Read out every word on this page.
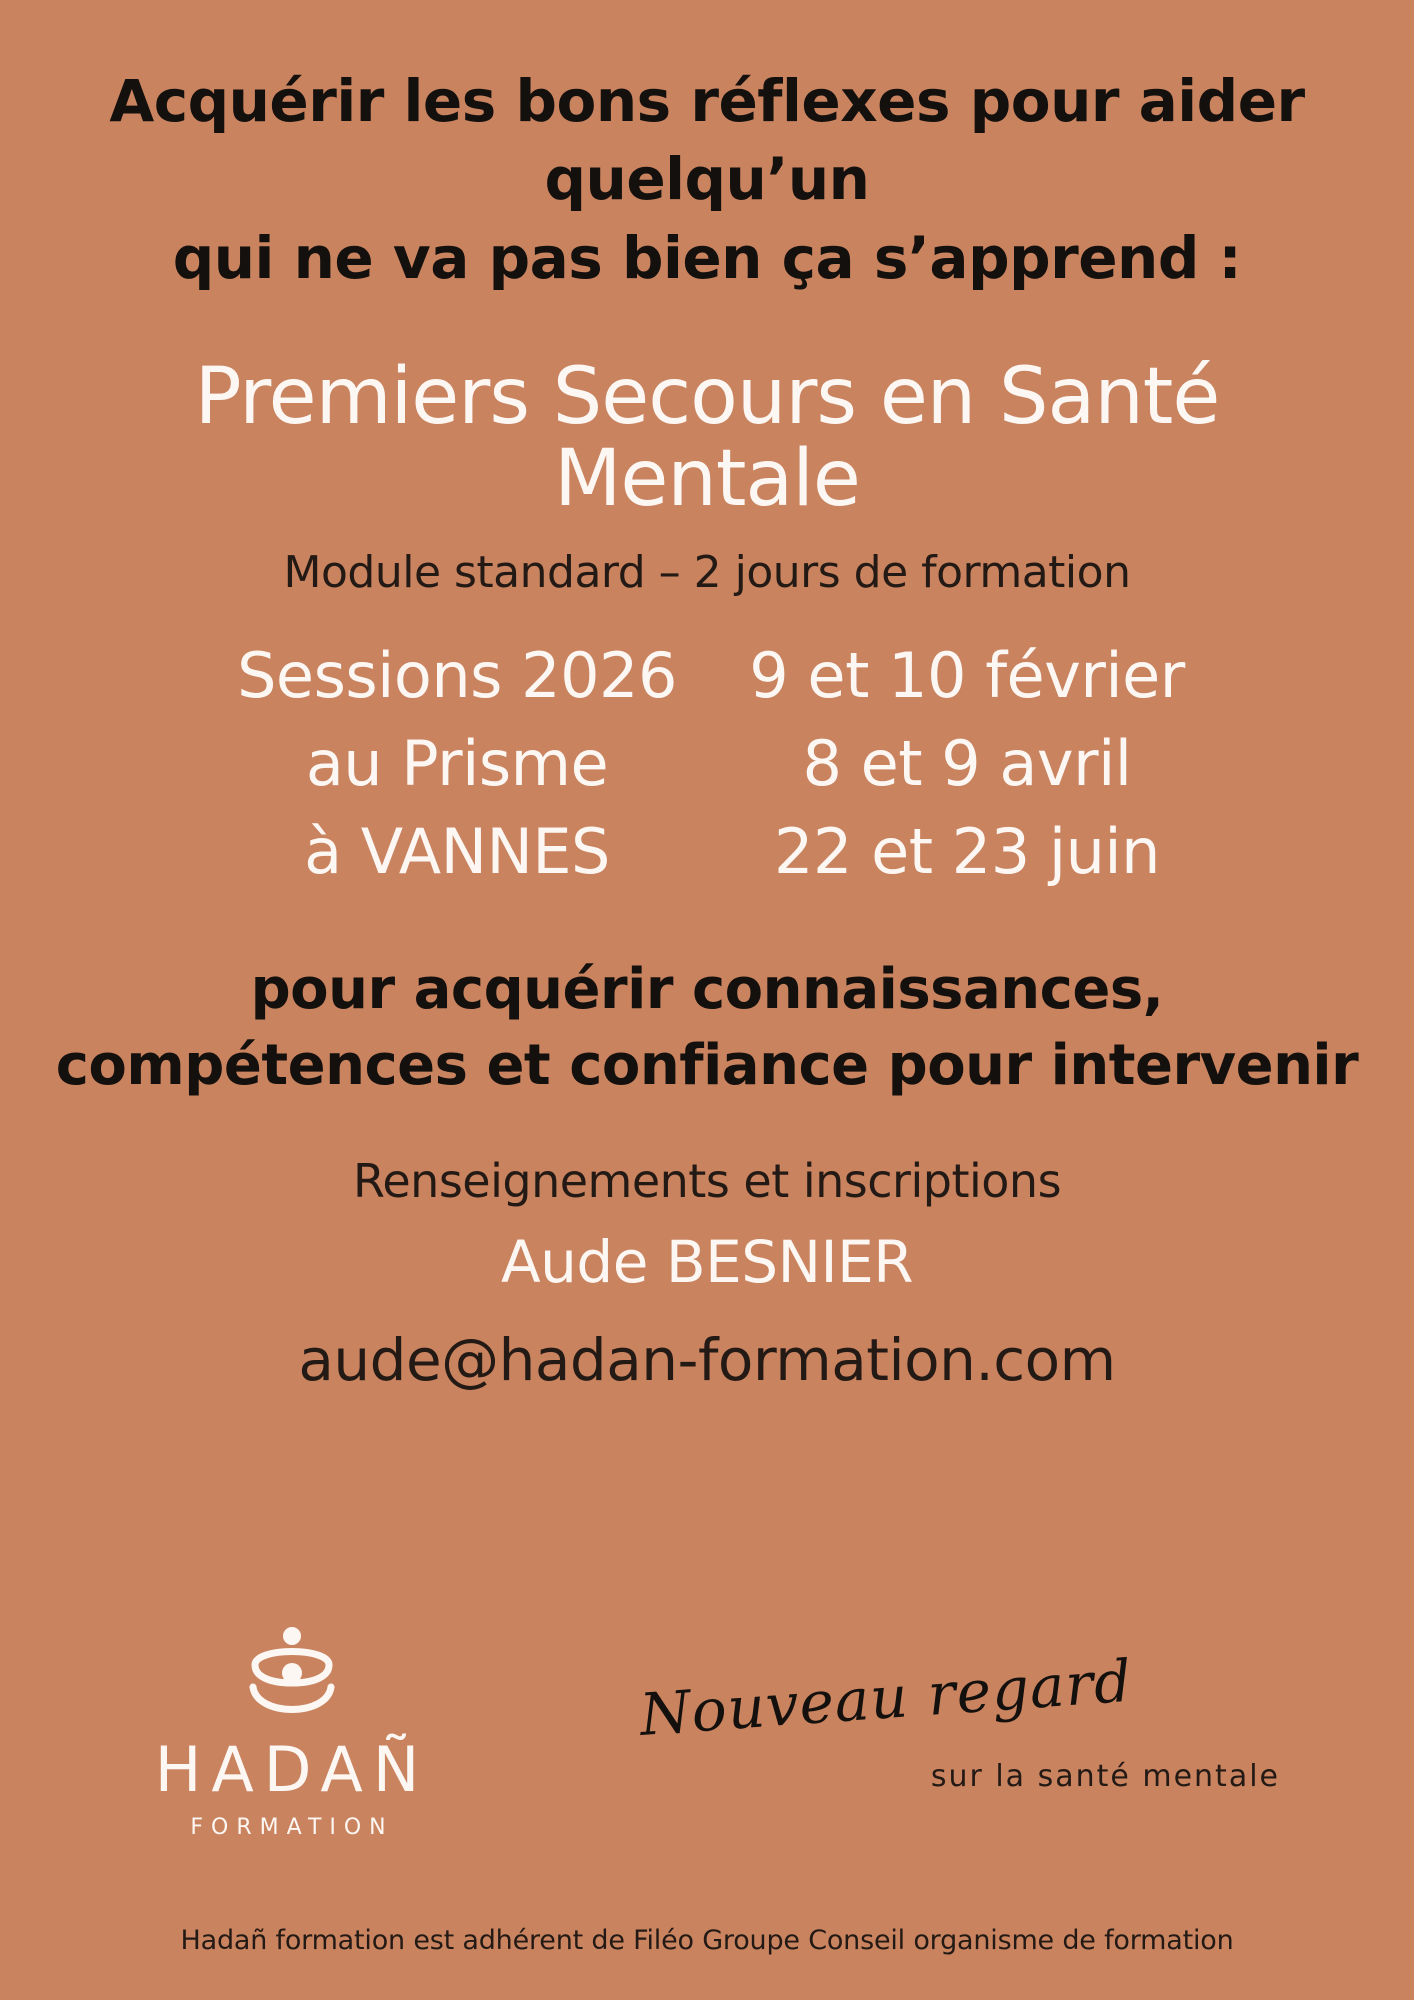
Acquérir les bons réflexes pour aider quelqu’un
qui ne va pas bien ça s’apprend :
Premiers Secours en Santé Mentale
Module standard – 2 jours de formation
Sessions 2026
au Prisme
à VANNES
9 et 10 février
8 et 9 avril
22 et 23 juin
pour acquérir connaissances,
compétences et confiance pour intervenir
Renseignements et inscriptions
Aude BESNIER
aude@hadan-formation.com
HADAÑ
FORMATION
Nouveau regard
sur la santé mentale
Hadañ formation est adhérent de Filéo Groupe Conseil organisme de formation
